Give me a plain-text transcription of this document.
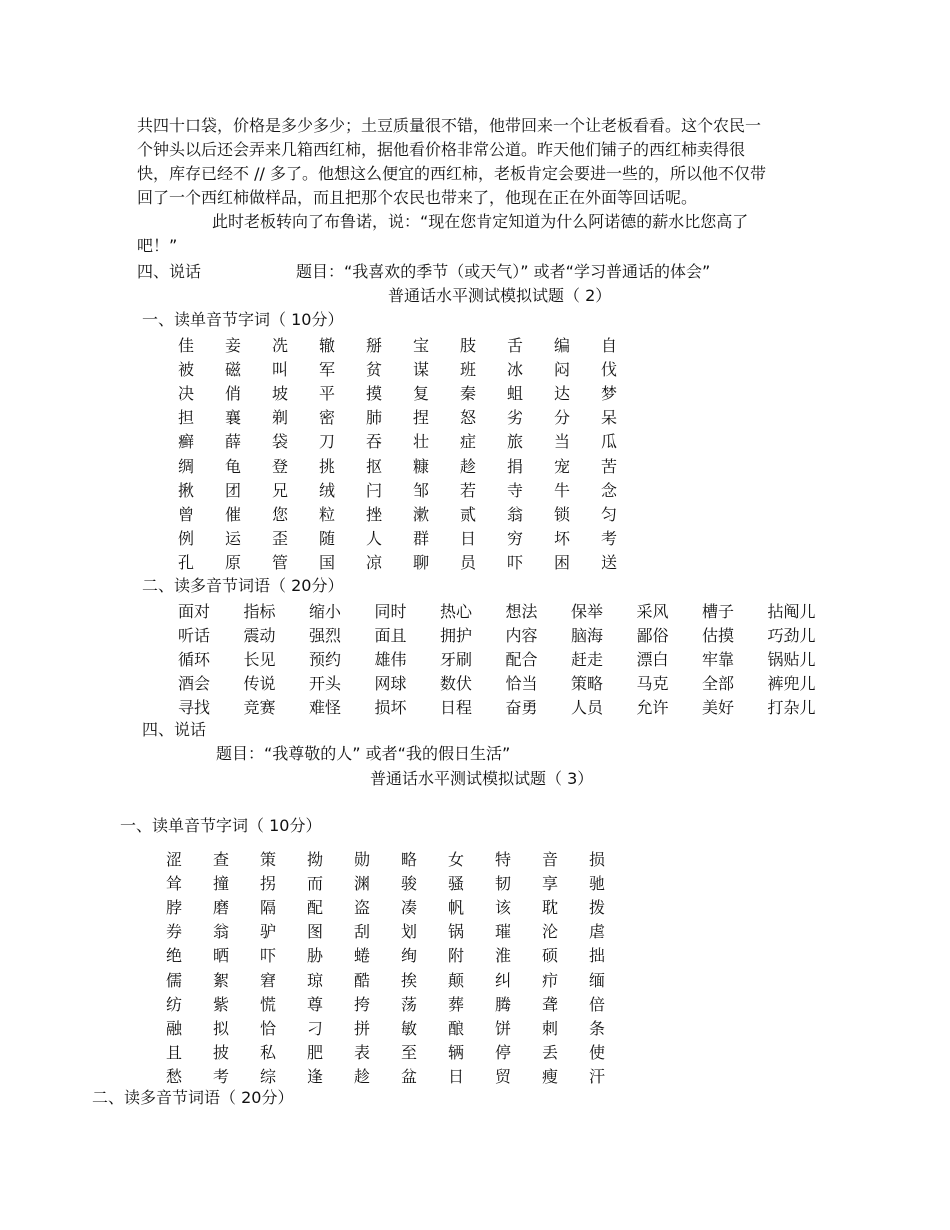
共四十口袋，价格是多少多少；土豆质量很不错，他带回来一个让老板看看。这个农民一
个钟头以后还会弄来几箱西红柿，据他看价格非常公道。昨天他们铺子的西红柿卖得很
快，库存已经不 // 多了。他想这么便宜的西红柿，老板肯定会要进一些的，所以他不仅带
回了一个西红柿做样品，而且把那个农民也带来了，他现在正在外面等回话呢。
此时老板转向了布鲁诺，说：“现在您肯定知道为什么阿诺德的薪水比您高了
吧！”
四、说话	题目：“我喜欢的季节（或天气）” 或者“学习普通话的体会”
普通话水平测试模拟试题（ 2）
一、读单音节字词（ 10分）
佳	妾	冼	辙	掰	宝	肢	舌	编	自
被	磁	叫	军	贫	谋	班	冰	闷	伐
决	俏	坡	平	摸	复	秦	蛆	达	梦
担	襄	剃	密	肺	捏	怒	劣	分	呆
癣	薛	袋	刀	吞	壮	症	旅	当	瓜
绸	龟	登	挑	抠	糠	趁	捐	宠	苦
揪	团	兄	绒	闩	邹	若	寺	牛	念
曾	催	您	粒	挫	漱	贰	翁	锁	匀
例	运	歪	随	人	群	日	穷	坏	考
孔	原	管	国	凉	聊	员	吓	困	送
二、读多音节词语（ 20分）
面对	指标	缩小	同时	热心	想法	保举	采风	槽子	拈阄儿
听话	震动	强烈	面且	拥护	内容	脑海	鄙俗	估摸	巧劲儿
循环	长见	预约	雄伟	牙刷	配合	赶走	漂白	牢靠	锅贴儿
酒会	传说	开头	网球	数伏	恰当	策略	马克	全部	裤兜儿
寻找	竞赛	难怪	损坏	日程	奋勇	人员	允许	美好	打杂儿
四、说话
题目：“我尊敬的人” 或者“我的假日生活”
普通话水平测试模拟试题（ 3）
一、读单音节字词（ 10分）
涩	查	策	拗	勋	略	女	特	音	损
耸	撞	拐	而	渊	骏	骚	韧	享	驰
脖	磨	隔	配	盗	凑	帆	该	耽	拨
券	翁	驴	图	刮	划	锅	璀	沦	虐
绝	晒	吓	胁	蜷	绚	附	淮	硕	拙
儒	絮	窘	琼	酷	挨	颠	纠	疖	缅
纺	紫	慌	尊	挎	荡	葬	腾	聋	倍
融	拟	恰	刁	拼	敏	酿	饼	刺	条
且	披	私	肥	表	至	辆	停	丢	使
愁	考	综	逢	趁	盆	日	贸	瘦	汗
二、读多音节词语（ 20分）
